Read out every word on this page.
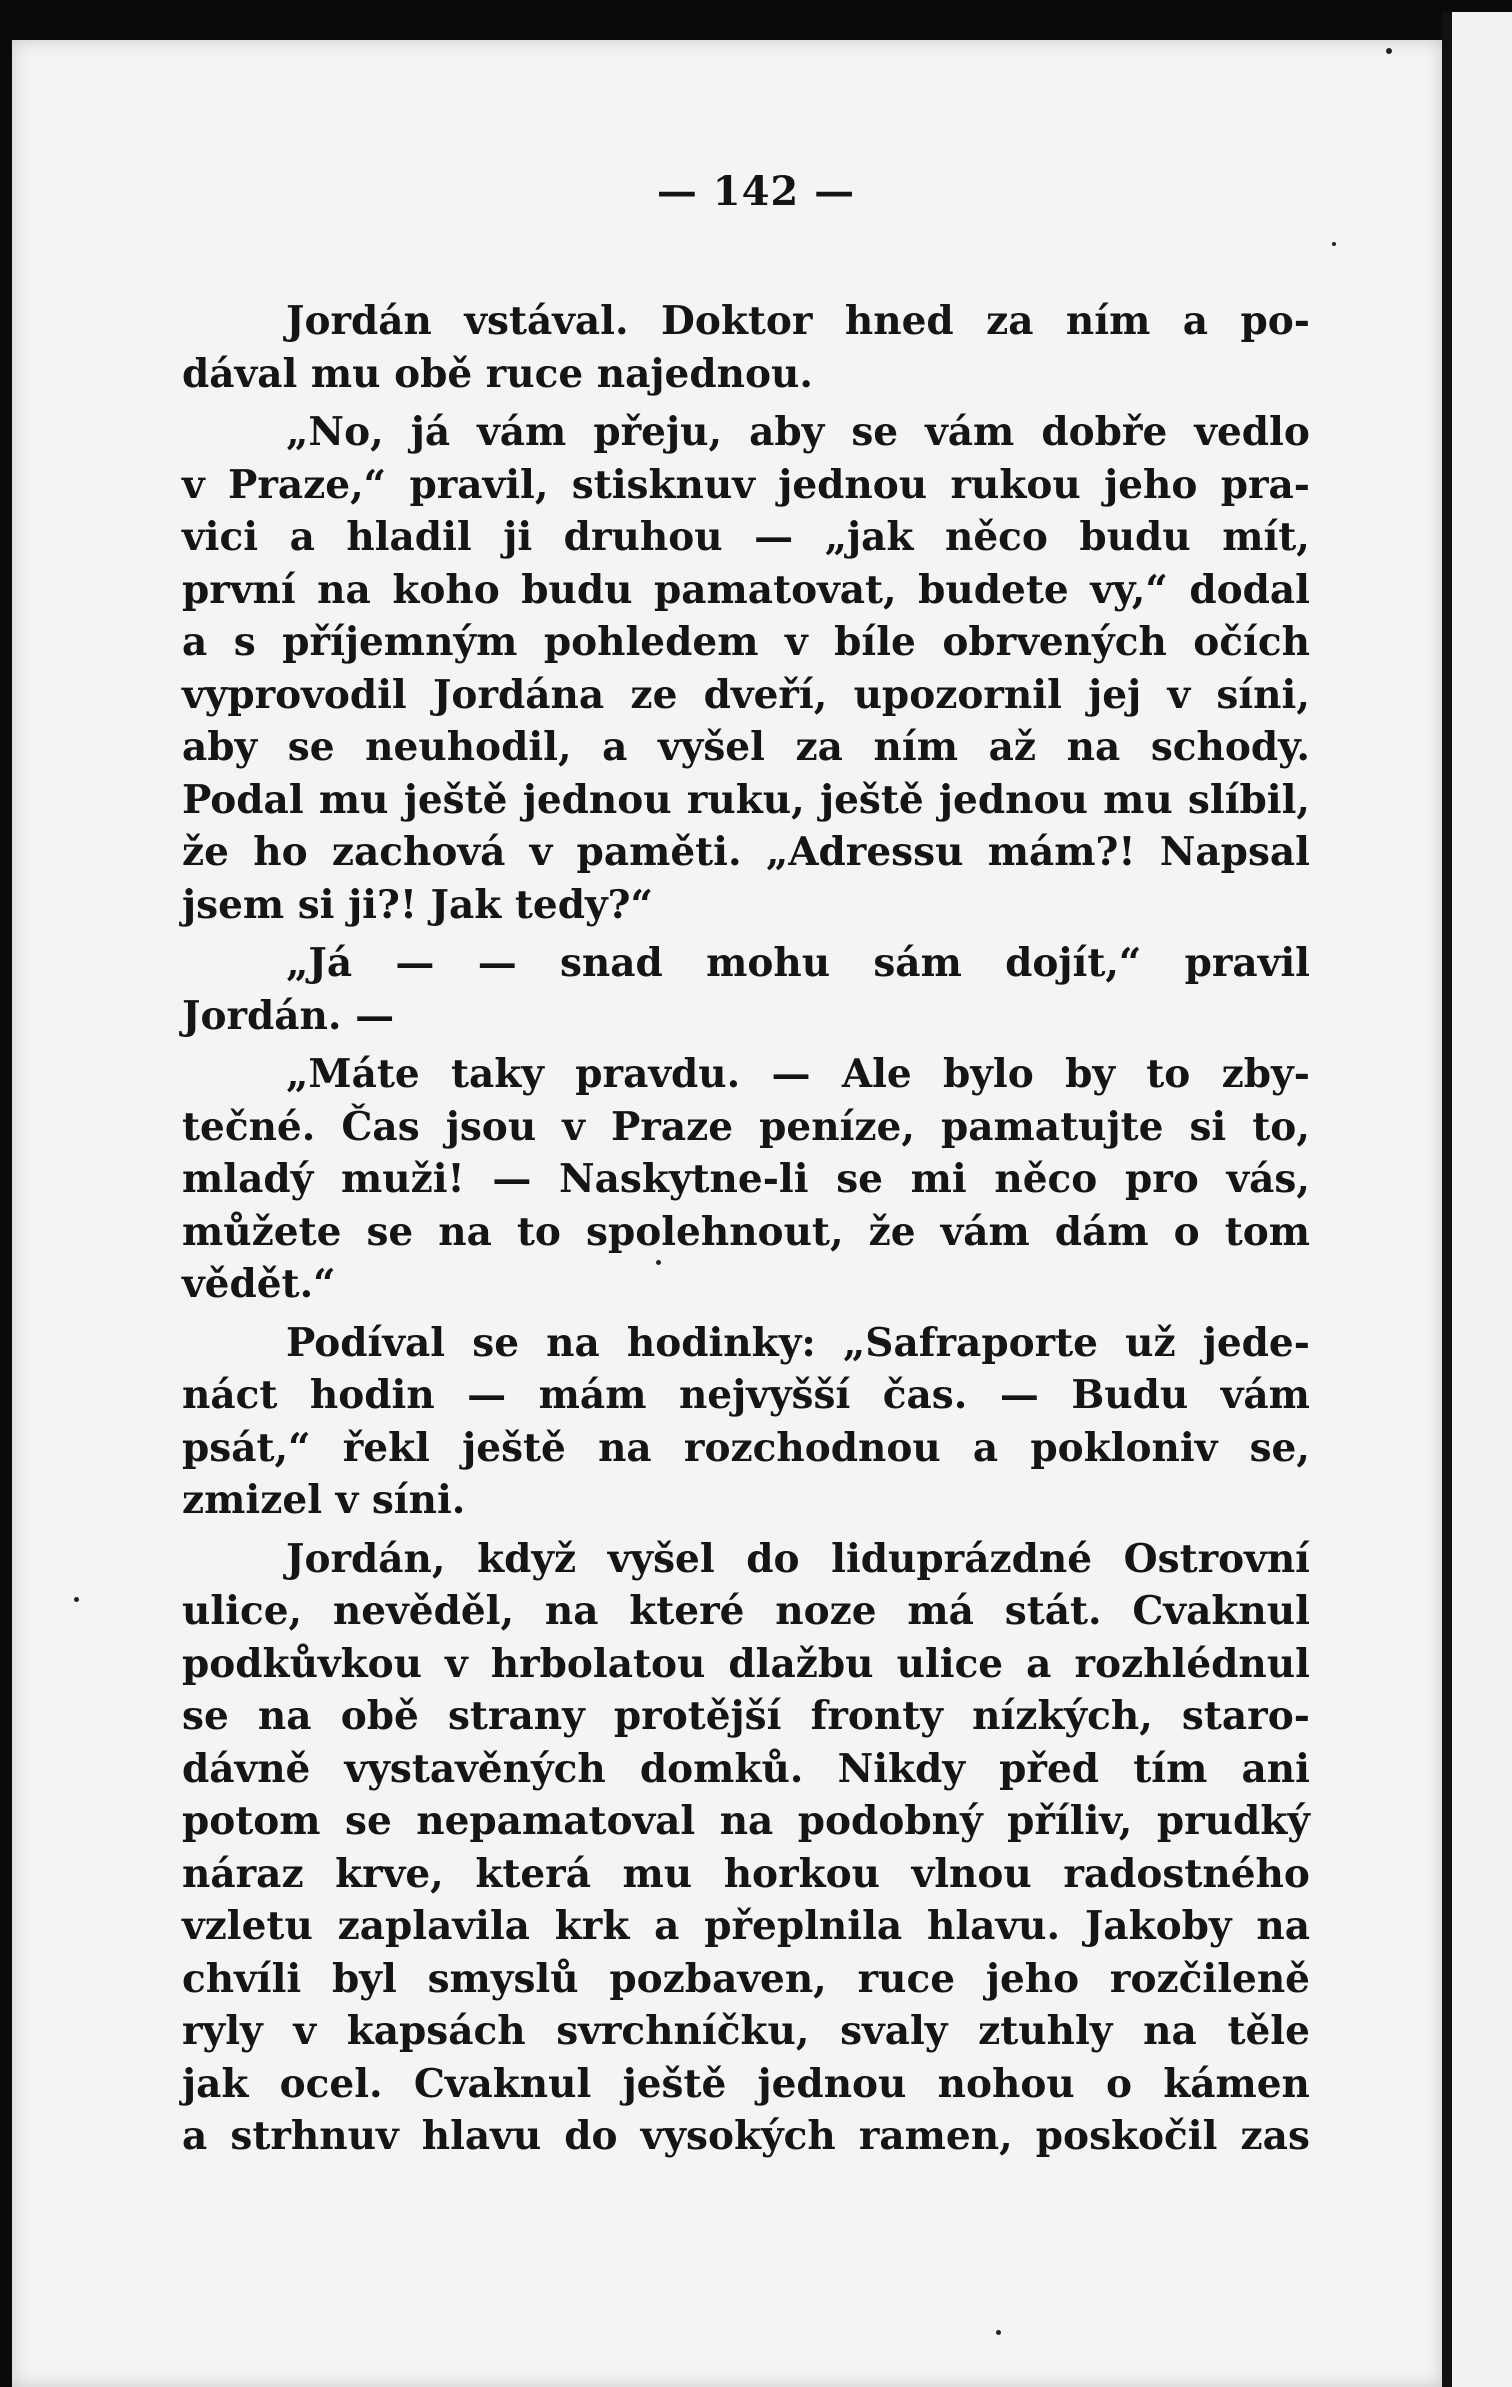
— 142 —
Jordán vstával. Doktor hned za ním a po-
dával mu obě ruce najednou.
„No, já vám přeju, aby se vám dobře vedlo
v Praze,“ pravil, stisknuv jednou rukou jeho pra-
vici a hladil ji druhou — „jak něco budu mít,
první na koho budu pamatovat, budete vy,“ dodal
a s příjemným pohledem v bíle obrvených očích
vyprovodil Jordána ze dveří, upozornil jej v síni,
aby se neuhodil, a vyšel za ním až na schody.
Podal mu ještě jednou ruku, ještě jednou mu slíbil,
že ho zachová v paměti. „Adressu mám?! Napsal
jsem si ji?! Jak tedy?“
„Já — — snad mohu sám dojít,“ pravil
Jordán. —
„Máte taky pravdu. — Ale bylo by to zby-
tečné. Čas jsou v Praze peníze, pamatujte si to,
mladý muži! — Naskytne-li se mi něco pro vás,
můžete se na to spolehnout, že vám dám o tom
vědět.“
Podíval se na hodinky: „Safraporte už jede-
náct hodin — mám nejvyšší čas. — Budu vám
psát,“ řekl ještě na rozchodnou a pokloniv se,
zmizel v síni.
Jordán, když vyšel do liduprázdné Ostrovní
ulice, nevěděl, na které noze má stát. Cvaknul
podkůvkou v hrbolatou dlažbu ulice a rozhlédnul
se na obě strany protější fronty nízkých, staro-
dávně vystavěných domků. Nikdy před tím ani
potom se nepamatoval na podobný příliv, prudký
náraz krve, která mu horkou vlnou radostného
vzletu zaplavila krk a přeplnila hlavu. Jakoby na
chvíli byl smyslů pozbaven, ruce jeho rozčileně
ryly v kapsách svrchníčku, svaly ztuhly na těle
jak ocel. Cvaknul ještě jednou nohou o kámen
a strhnuv hlavu do vysokých ramen, poskočil zas
